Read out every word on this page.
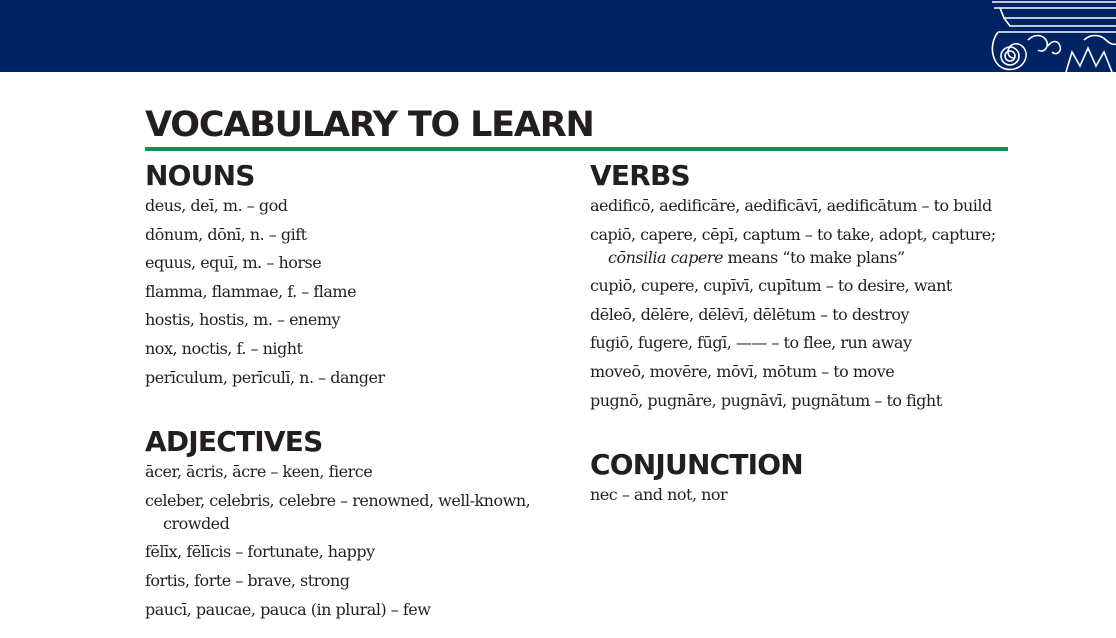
VOCABULARY TO LEARN
NOUNS
deus, deī, m. – god
dōnum, dōnī, n. – gift
equus, equī, m. – horse
flamma, flammae, f. – flame
hostis, hostis, m. – enemy
nox, noctis, f. – night
perīculum, perīculī, n. – danger
ADJECTIVES
ācer, ācris, ācre – keen, fierce
celeber, celebris, celebre – renowned, well-known, crowded
fēlīx, fēlīcis – fortunate, happy
fortis, forte – brave, strong
paucī, paucae, pauca (in plural) – few
VERBS
aedificō, aedificāre, aedificāvī, aedificātum – to build
capiō, capere, cēpī, captum – to take, adopt, capture;
cōnsilia capere means “to make plans”
cupiō, cupere, cupīvī, cupītum – to desire, want
dēleō, dēlēre, dēlēvī, dēlētum – to destroy
fugiō, fugere, fūgī, —— – to flee, run away
moveō, movēre, mōvī, mōtum – to move
pugnō, pugnāre, pugnāvī, pugnātum – to fight
CONJUNCTION
nec – and not, nor
